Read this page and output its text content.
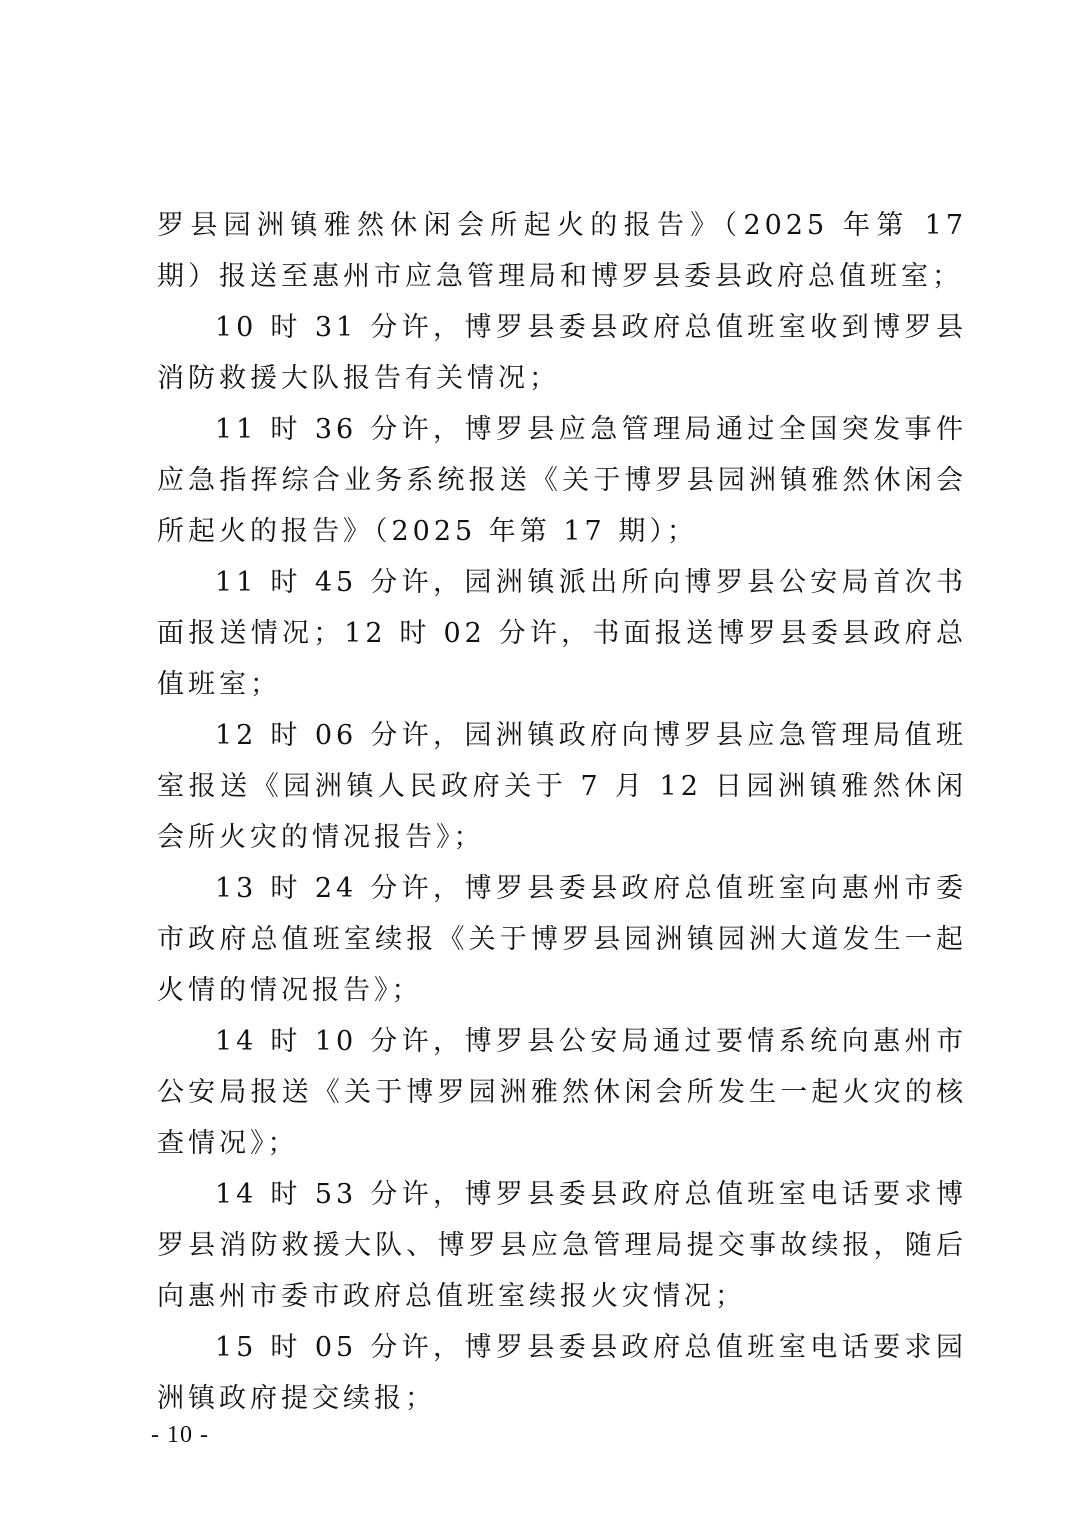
罗县园洲镇雅然休闲会所起火的报告》（2025 年第 17 期）报送至惠州市应急管理局和博罗县委县政府总值班室；

10 时 31 分许，博罗县委县政府总值班室收到博罗县消防救援大队报告有关情况；

11 时 36 分许，博罗县应急管理局通过全国突发事件应急指挥综合业务系统报送《关于博罗县园洲镇雅然休闲会所起火的报告》（2025 年第 17 期）；

11 时 45 分许，园洲镇派出所向博罗县公安局首次书面报送情况；12 时 02 分许，书面报送博罗县委县政府总值班室；

12 时 06 分许，园洲镇政府向博罗县应急管理局值班室报送《园洲镇人民政府关于 7 月 12 日园洲镇雅然休闲会所火灾的情况报告》；

13 时 24 分许，博罗县委县政府总值班室向惠州市委市政府总值班室续报《关于博罗县园洲镇园洲大道发生一起火情的情况报告》；

14 时 10 分许，博罗县公安局通过要情系统向惠州市公安局报送《关于博罗园洲雅然休闲会所发生一起火灾的核查情况》；

14 时 53 分许，博罗县委县政府总值班室电话要求博罗县消防救援大队、博罗县应急管理局提交事故续报，随后向惠州市委市政府总值班室续报火灾情况；

15 时 05 分许，博罗县委县政府总值班室电话要求园洲镇政府提交续报；

- 10 -
